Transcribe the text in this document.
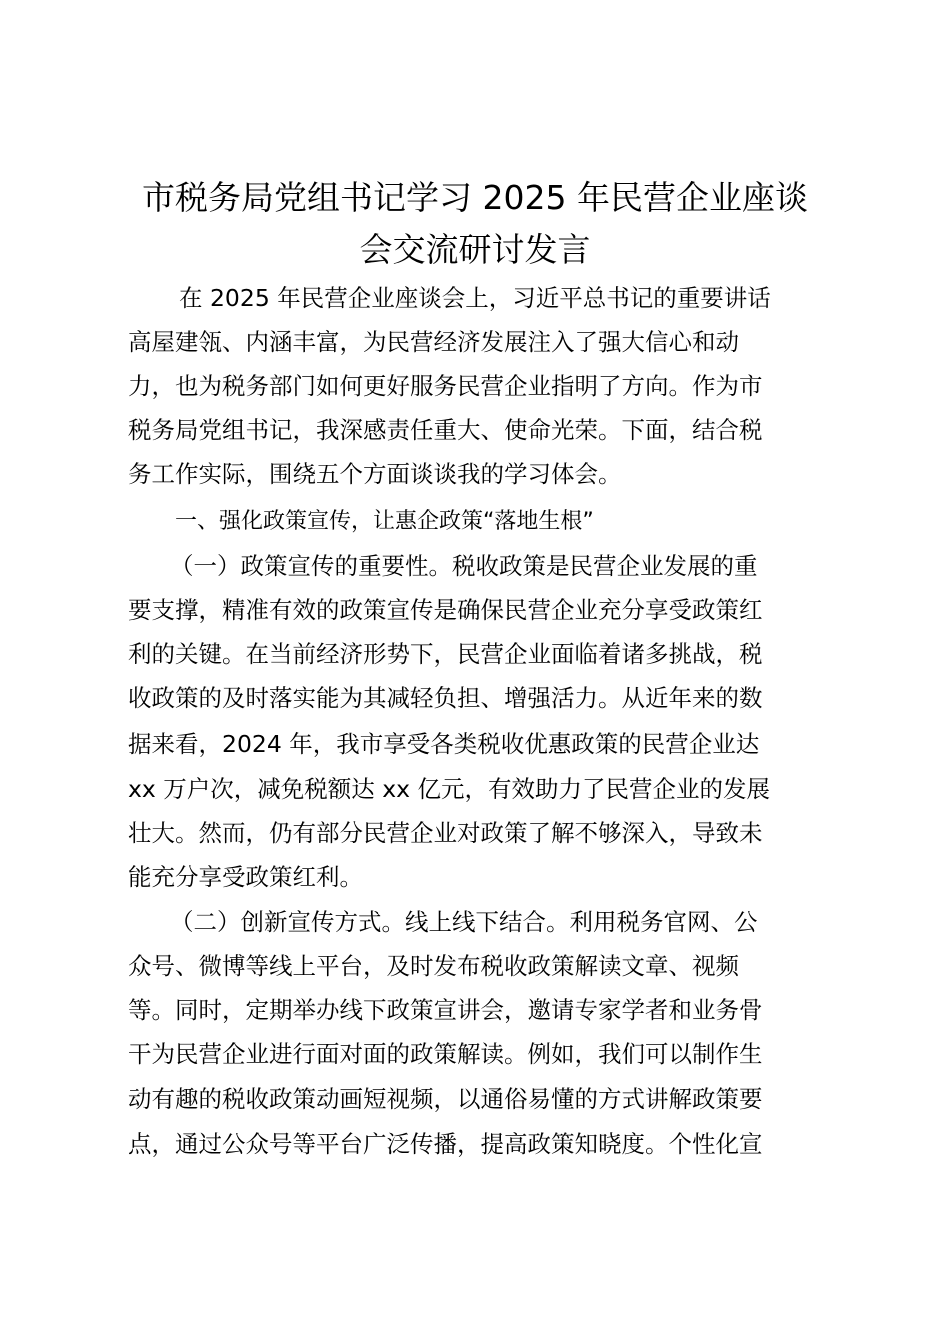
市税务局党组书记学习 2025 年民营企业座谈
会交流研讨发言

在 2025 年民营企业座谈会上，习近平总书记的重要讲话

高屋建瓴、内涵丰富，为民营经济发展注入了强大信心和动

力，也为税务部门如何更好服务民营企业指明了方向。作为市

税务局党组书记，我深感责任重大、使命光荣。下面，结合税

务工作实际，围绕五个方面谈谈我的学习体会。

一、强化政策宣传，让惠企政策“落地生根”

（一）政策宣传的重要性。税收政策是民营企业发展的重

要支撑，精准有效的政策宣传是确保民营企业充分享受政策红

利的关键。在当前经济形势下，民营企业面临着诸多挑战，税

收政策的及时落实能为其减轻负担、增强活力。从近年来的数

据来看，2024 年，我市享受各类税收优惠政策的民营企业达

xx 万户次，减免税额达 xx 亿元，有效助力了民营企业的发展

壮大。然而，仍有部分民营企业对政策了解不够深入，导致未

能充分享受政策红利。

（二）创新宣传方式。线上线下结合。利用税务官网、公

众号、微博等线上平台，及时发布税收政策解读文章、视频

等。同时，定期举办线下政策宣讲会，邀请专家学者和业务骨

干为民营企业进行面对面的政策解读。例如，我们可以制作生

动有趣的税收政策动画短视频，以通俗易懂的方式讲解政策要

点，通过公众号等平台广泛传播，提高政策知晓度。个性化宣
